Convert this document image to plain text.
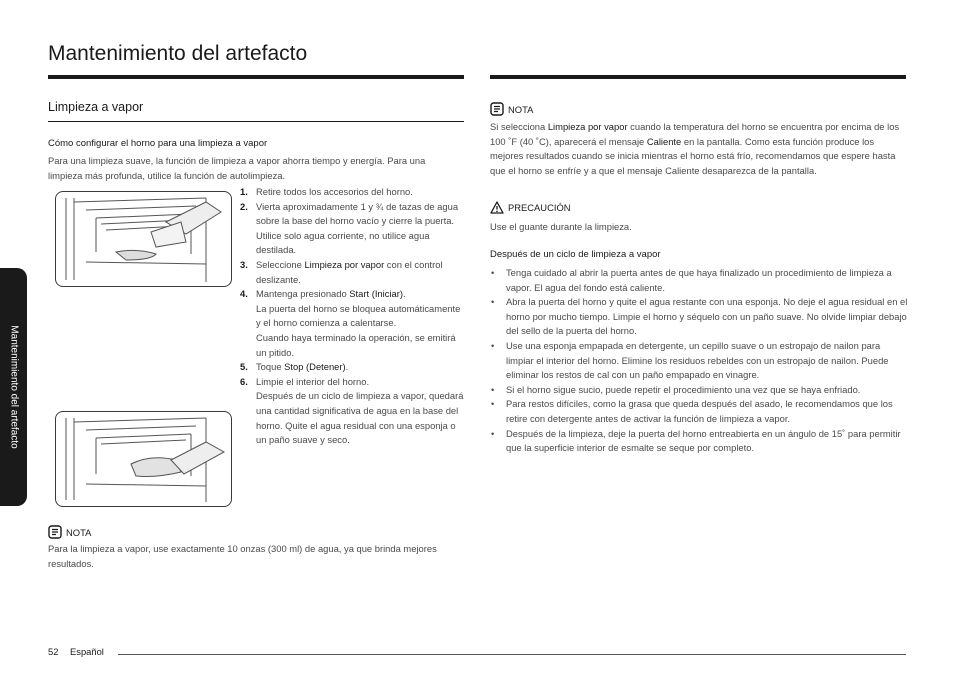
Mantenimiento del artefacto
Mantenimiento del artefacto
Limpieza a vapor
Cómo configurar el horno para una limpieza a vapor
Para una limpieza suave, la función de limpieza a vapor ahorra tiempo y energía. Para una limpieza más profunda, utilice la función de autolimpieza.
1. Retire todos los accesorios del horno.
2. Vierta aproximadamente 1 y ¾ de tazas de agua sobre la base del horno vacío y cierre la puerta.
Utilice solo agua corriente, no utilice agua destilada.
3. Seleccione Limpieza por vapor con el control deslizante.
4. Mantenga presionado Start (Iniciar).
La puerta del horno se bloquea automáticamente y el horno comienza a calentarse.
Cuando haya terminado la operación, se emitirá un pitido.
5. Toque Stop (Detener).
6. Limpie el interior del horno.
Después de un ciclo de limpieza a vapor, quedará una cantidad significativa de agua en la base del horno. Quite el agua residual con una esponja o un paño suave y seco.
NOTA
Para la limpieza a vapor, use exactamente 10 onzas (300 ml) de agua, ya que brinda mejores resultados.
NOTA
Si selecciona Limpieza por vapor cuando la temperatura del horno se encuentra por encima de los 100 ˚F (40 ˚C), aparecerá el mensaje Caliente en la pantalla. Como esta función produce los mejores resultados cuando se inicia mientras el horno está frío, recomendamos que espere hasta que el horno se enfríe y a que el mensaje Caliente desaparezca de la pantalla.
PRECAUCIÓN
Use el guante durante la limpieza.
Después de un ciclo de limpieza a vapor
• Tenga cuidado al abrir la puerta antes de que haya finalizado un procedimiento de limpieza a vapor. El agua del fondo está caliente.
• Abra la puerta del horno y quite el agua restante con una esponja. No deje el agua residual en el horno por mucho tiempo. Limpie el horno y séquelo con un paño suave. No olvide limpiar debajo del sello de la puerta del horno.
• Use una esponja empapada en detergente, un cepillo suave o un estropajo de nailon para limpiar el interior del horno. Elimine los residuos rebeldes con un estropajo de nailon. Puede eliminar los restos de cal con un paño empapado en vinagre.
• Si el horno sigue sucio, puede repetir el procedimiento una vez que se haya enfriado.
• Para restos difíciles, como la grasa que queda después del asado, le recomendamos que los retire con detergente antes de activar la función de limpieza a vapor.
• Después de la limpieza, deje la puerta del horno entreabierta en un ángulo de 15˚ para permitir que la superficie interior de esmalte se seque por completo.
52 Español
